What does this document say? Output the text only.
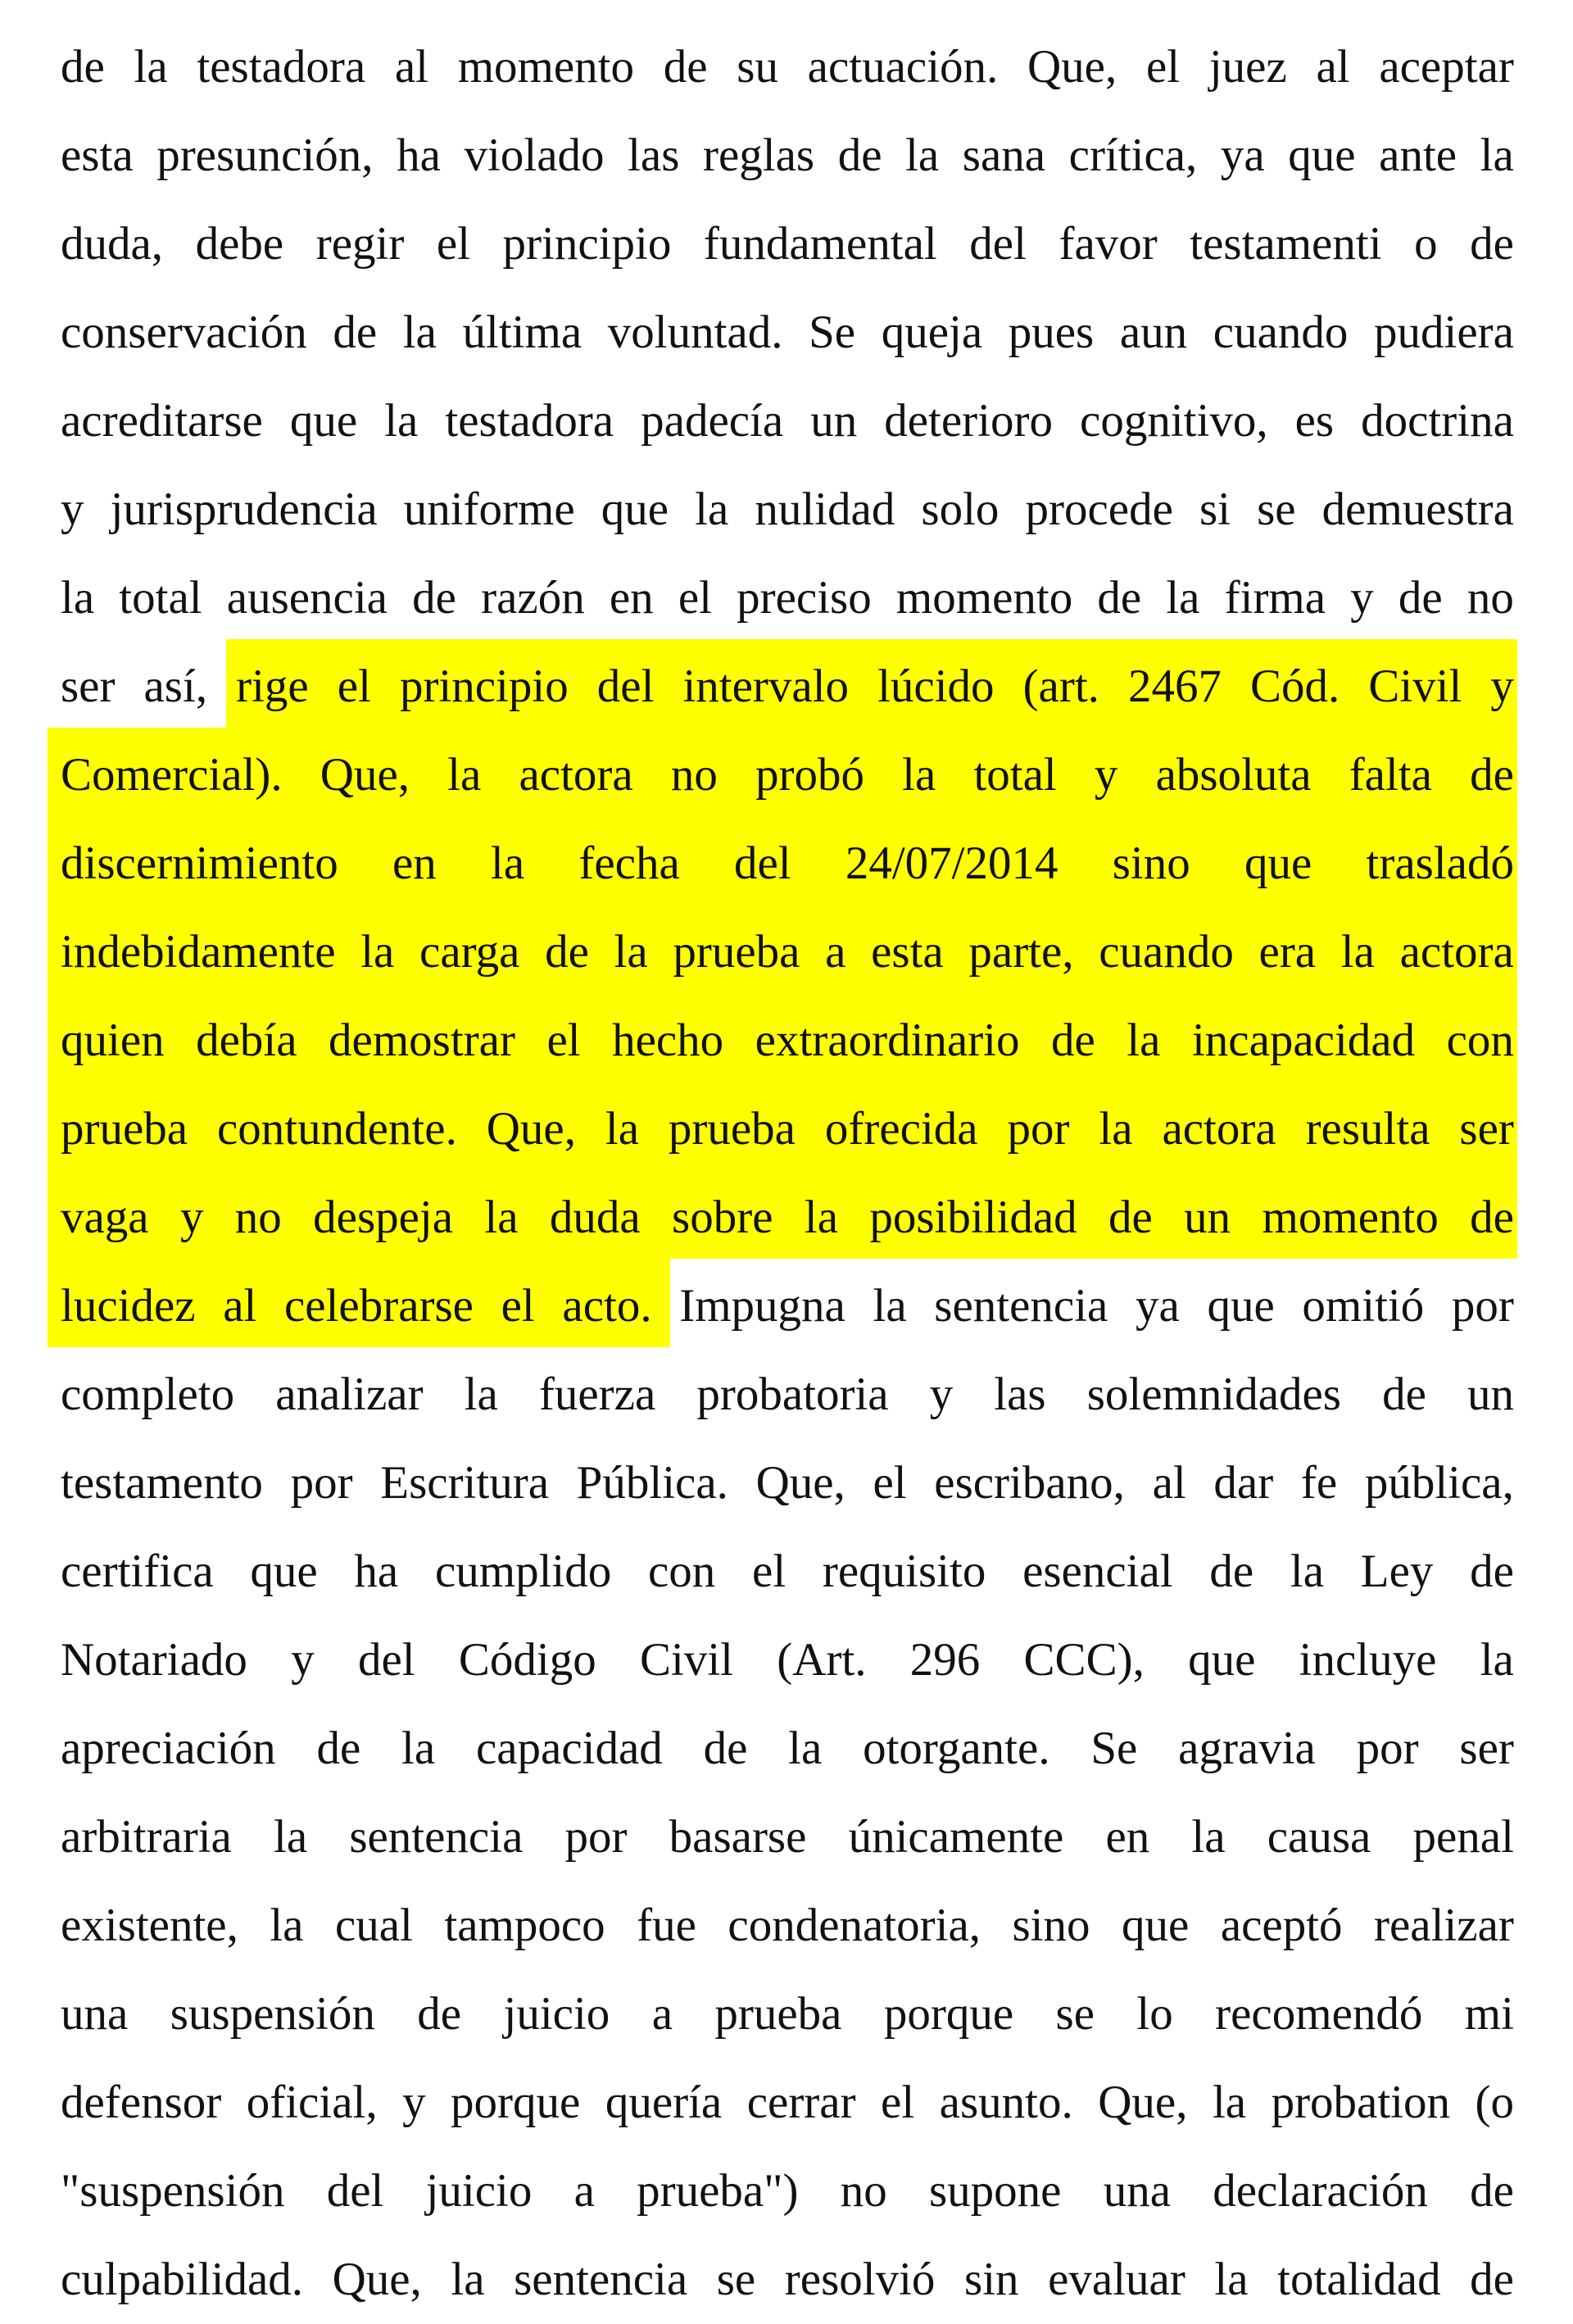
de la testadora al momento de su actuación. Que, el juez al aceptar
esta presunción, ha violado las reglas de la sana crítica, ya que ante la
duda, debe regir el principio fundamental del favor testamenti o de
conservación de la última voluntad. Se queja pues aun cuando pudiera
acreditarse que la testadora padecía un deterioro cognitivo, es doctrina
y jurisprudencia uniforme que la nulidad solo procede si se demuestra
la total ausencia de razón en el preciso momento de la firma y de no
ser así, rige el principio del intervalo lúcido (art. 2467 Cód. Civil y
Comercial). Que, la actora no probó la total y absoluta falta de
discernimiento en la fecha del 24/07/2014 sino que trasladó
indebidamente la carga de la prueba a esta parte, cuando era la actora
quien debía demostrar el hecho extraordinario de la incapacidad con
prueba contundente. Que, la prueba ofrecida por la actora resulta ser
vaga y no despeja la duda sobre la posibilidad de un momento de
lucidez al celebrarse el acto. Impugna la sentencia ya que omitió por
completo analizar la fuerza probatoria y las solemnidades de un
testamento por Escritura Pública. Que, el escribano, al dar fe pública,
certifica que ha cumplido con el requisito esencial de la Ley de
Notariado y del Código Civil (Art. 296 CCC), que incluye la
apreciación de la capacidad de la otorgante. Se agravia por ser
arbitraria la sentencia por basarse únicamente en la causa penal
existente, la cual tampoco fue condenatoria, sino que aceptó realizar
una suspensión de juicio a prueba porque se lo recomendó mi
defensor oficial, y porque quería cerrar el asunto. Que, la probation (o
"suspensión del juicio a prueba") no supone una declaración de
culpabilidad. Que, la sentencia se resolvió sin evaluar la totalidad de
